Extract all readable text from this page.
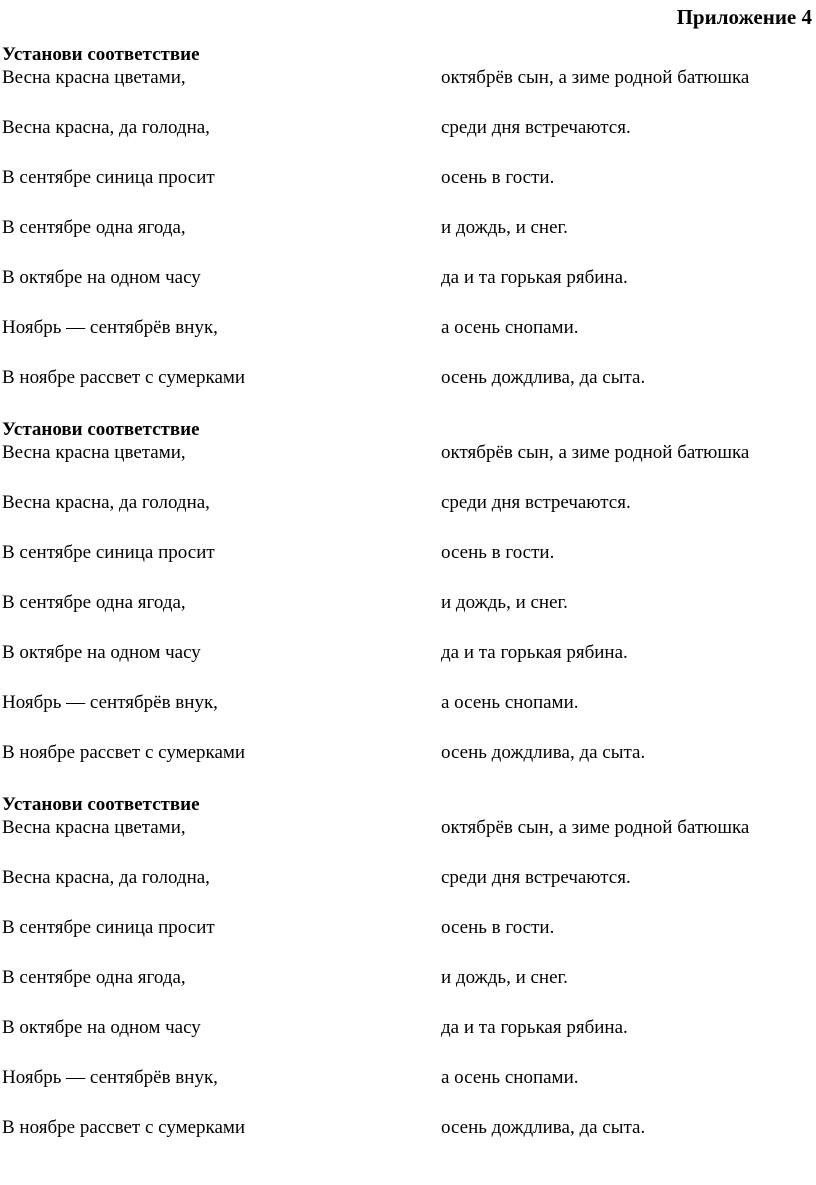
Приложение 4
Установи соответствие
Весна красна цветами,	октябрёв сын, а зиме родной батюшка
Весна красна, да голодна,	среди дня встречаются.
В сентябре синица просит	осень в гости.
В сентябре одна ягода,	и дождь, и снег.
В октябре на одном часу	да и та горькая рябина.
Ноябрь — сентябрёв внук,	а осень снопами.
В ноябре рассвет с сумерками	осень дождлива, да сыта.
Установи соответствие
Весна красна цветами,	октябрёв сын, а зиме родной батюшка
Весна красна, да голодна,	среди дня встречаются.
В сентябре синица просит	осень в гости.
В сентябре одна ягода,	и дождь, и снег.
В октябре на одном часу	да и та горькая рябина.
Ноябрь — сентябрёв внук,	а осень снопами.
В ноябре рассвет с сумерками	осень дождлива, да сыта.
Установи соответствие
Весна красна цветами,	октябрёв сын, а зиме родной батюшка
Весна красна, да голодна,	среди дня встречаются.
В сентябре синица просит	осень в гости.
В сентябре одна ягода,	и дождь, и снег.
В октябре на одном часу	да и та горькая рябина.
Ноябрь — сентябрёв внук,	а осень снопами.
В ноябре рассвет с сумерками	осень дождлива, да сыта.
